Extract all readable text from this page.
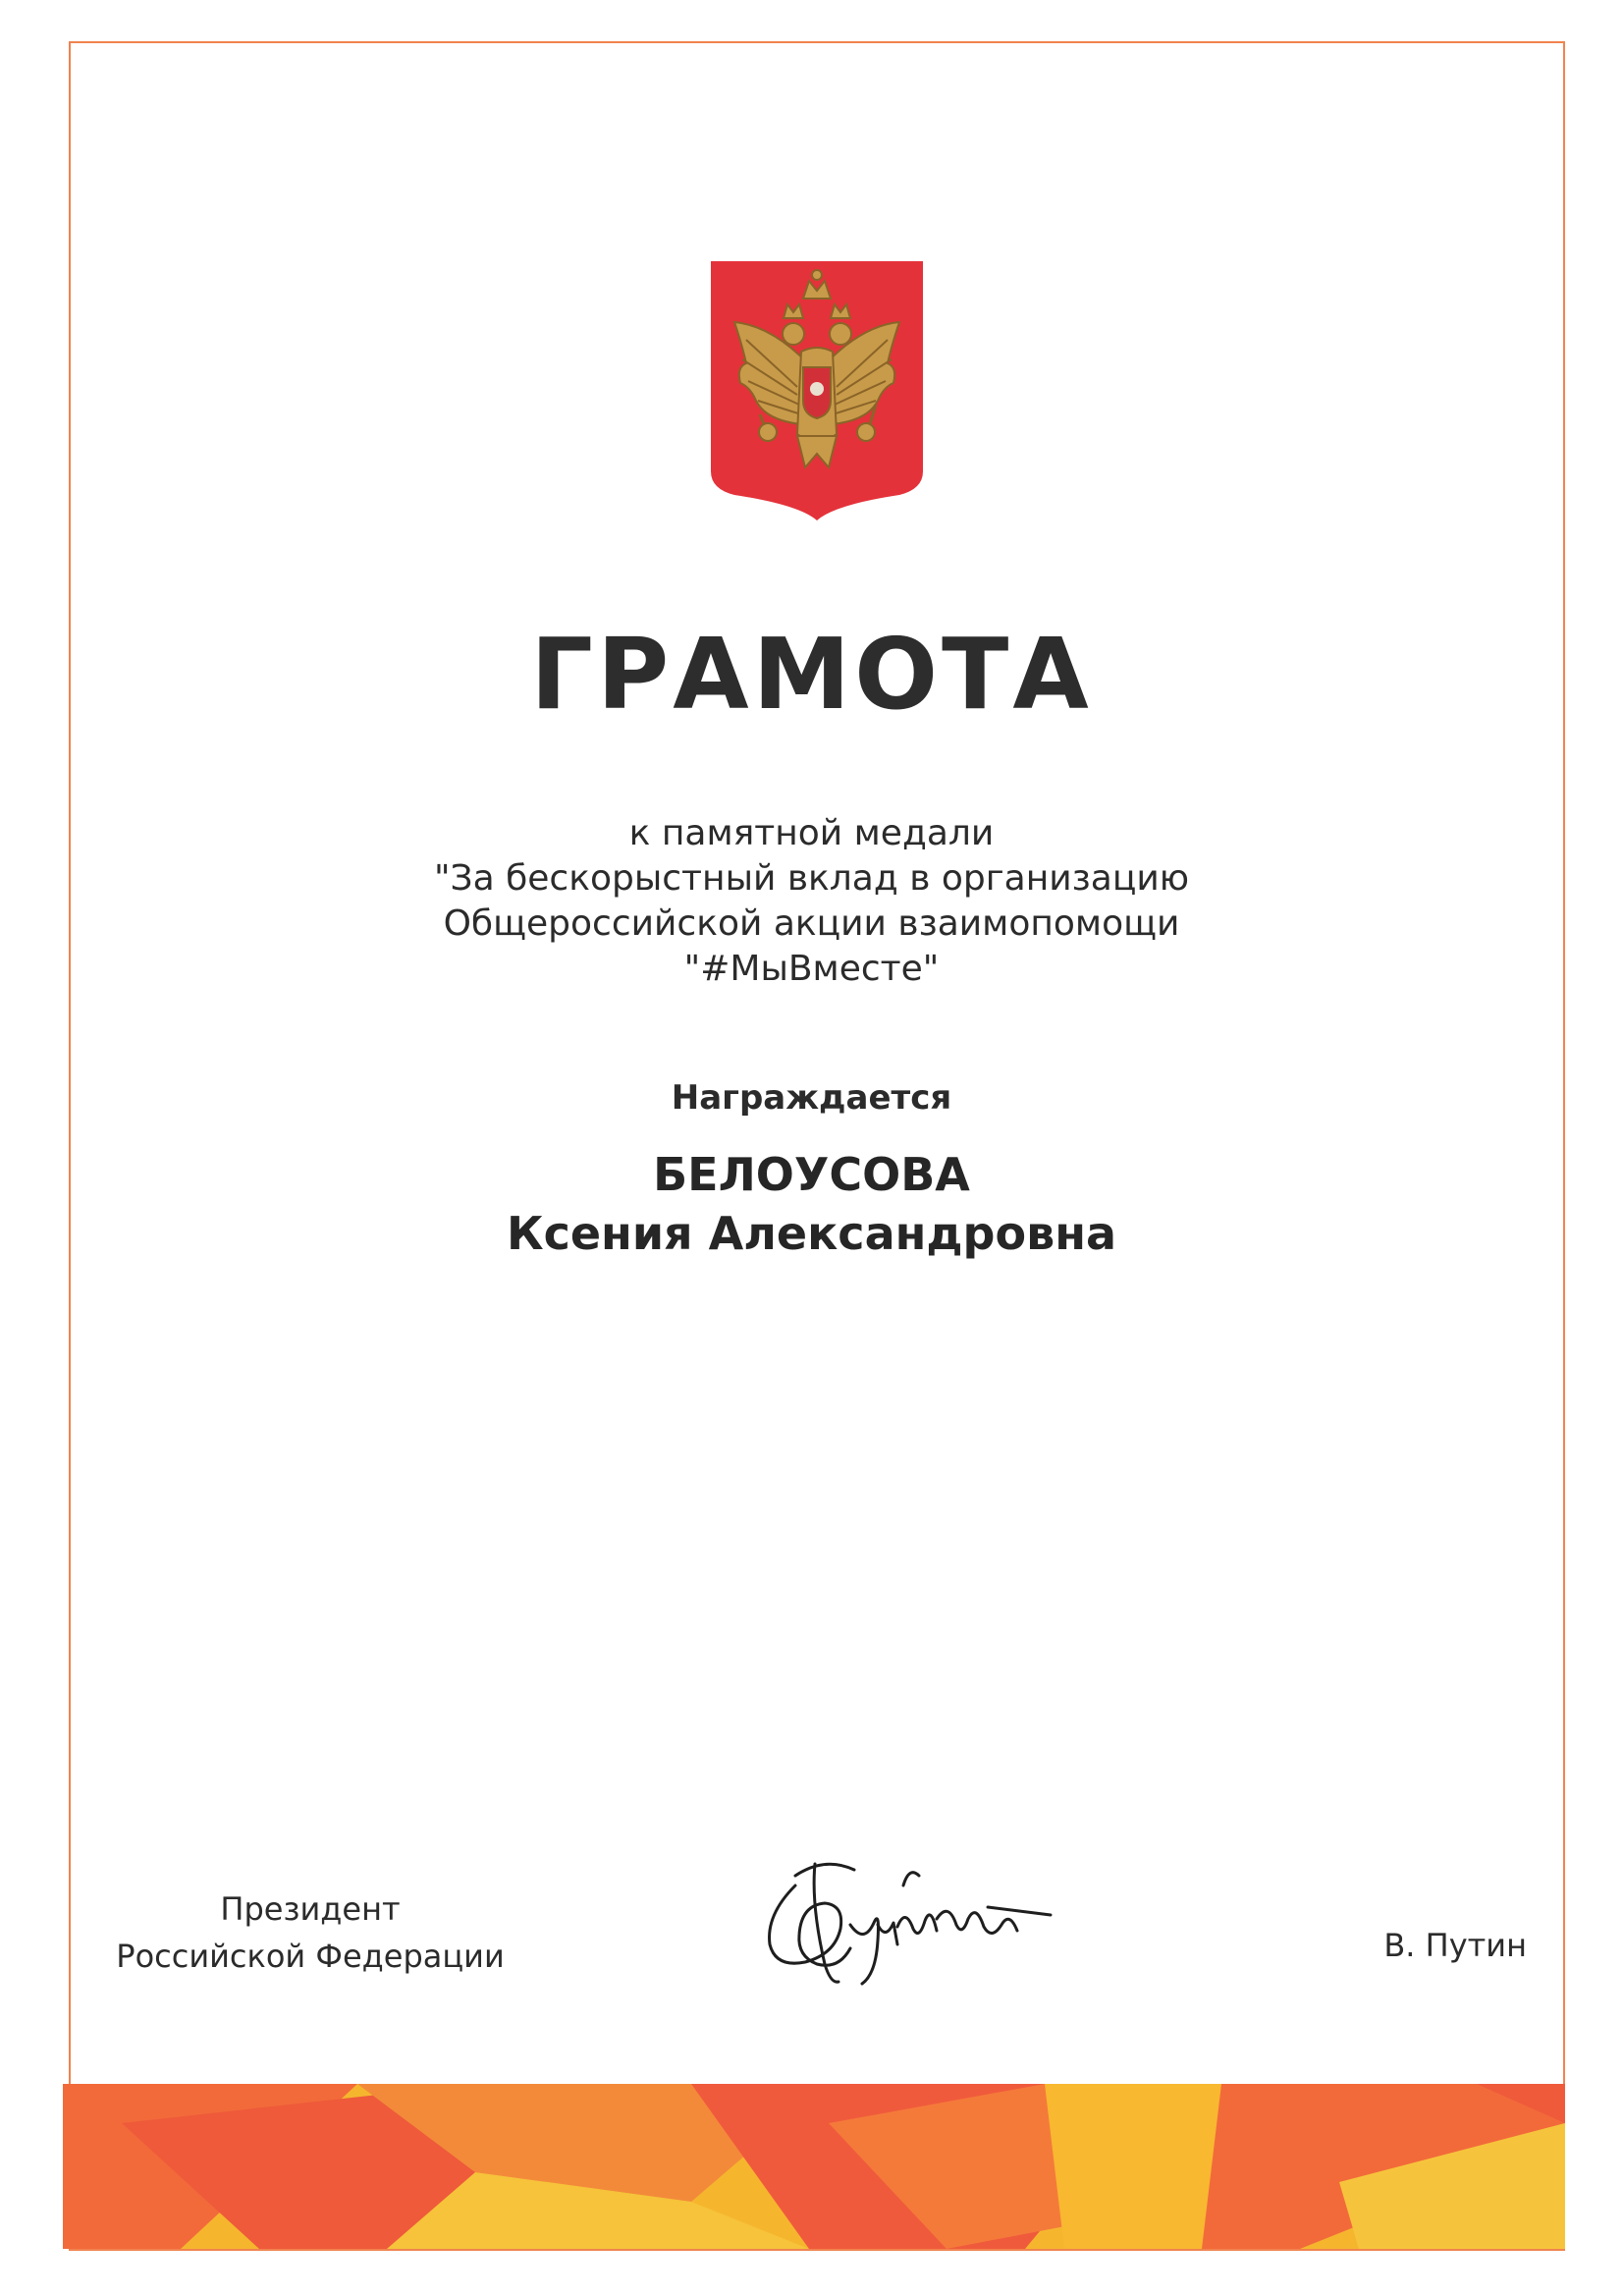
ГРАМОТА
к памятной медали
"За бескорыстный вклад в организацию
Общероссийской акции взаимопомощи
"#МыВместе"
Награждается
БЕЛОУСОВА
Ксения Александровна
Президент
Российской Федерации	В. Путин
